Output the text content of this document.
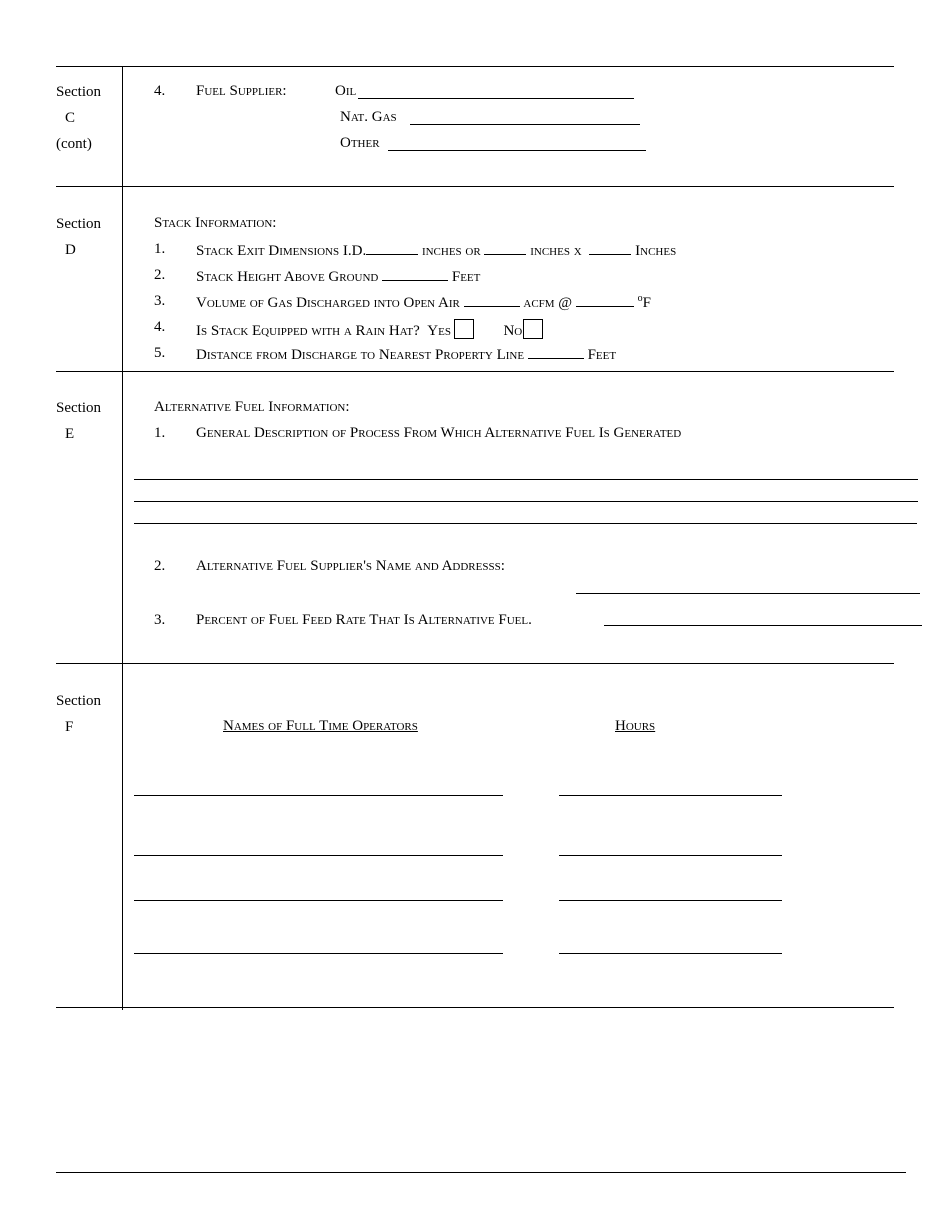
Section
C
(cont)
4. Fuel Supplier:	Oil
Nat. Gas
Other
Section
D
Stack Information:
1.	Stack Exit Dimensions I.D.	inches or	inches x	Inches
2.	Stack Height Above Ground	Feet
3.	Volume of Gas Discharged into Open Air	acfm @	$^o$F
4.	Is Stack Equipped with a Rain Hat? Yes	No
5.	Distance from Discharge to Nearest Property Line	Feet
Section
E
Alternative Fuel Information:
1.	General Description of Process From Which Alternative Fuel Is Generated
2.	Alternative Fuel Supplier's Name and Addresss:
3.	Percent of Fuel Feed Rate That Is Alternative Fuel.
Section
F	Names of Full Time Operators	Hours
